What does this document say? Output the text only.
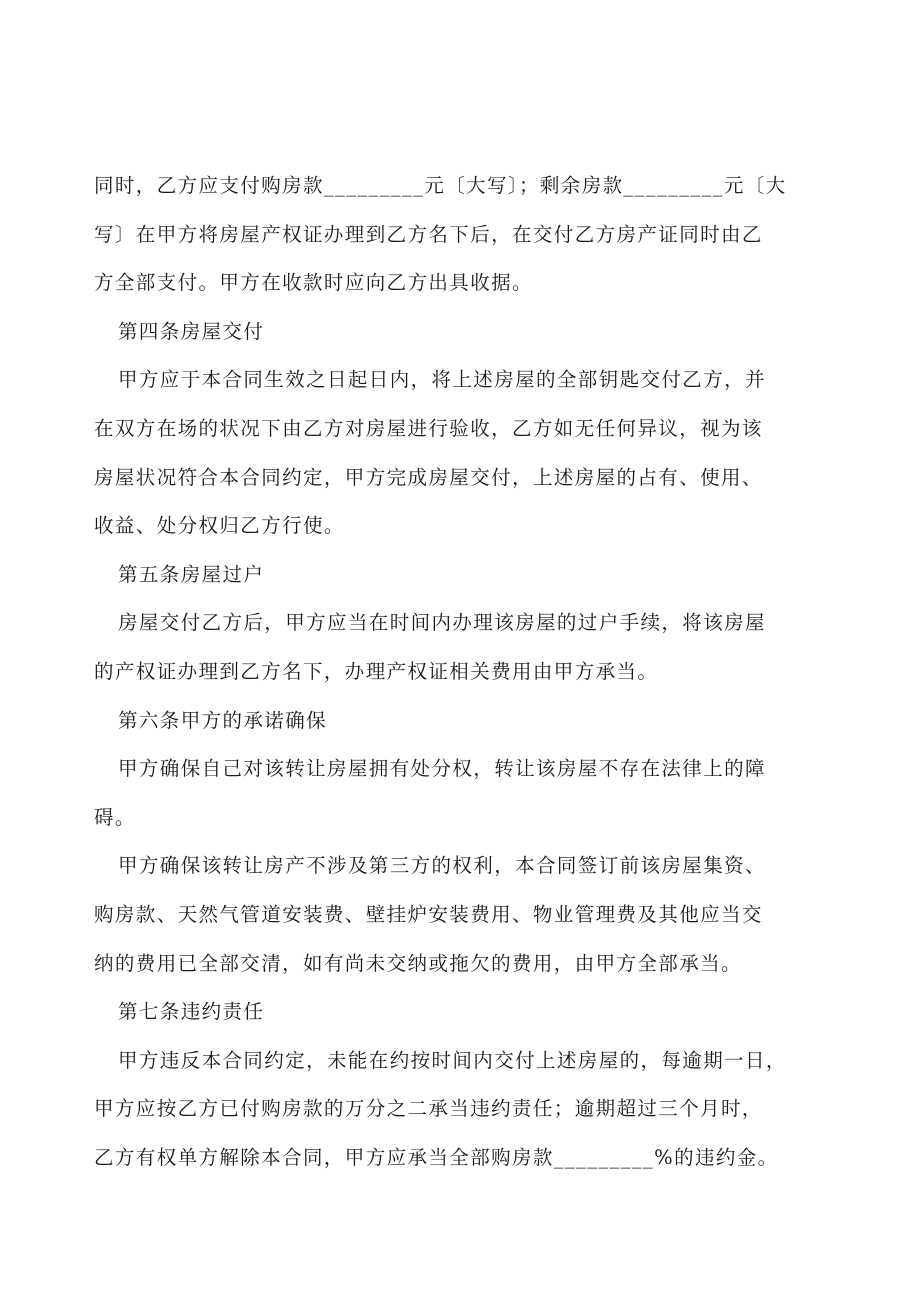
同时，乙方应支付购房款_________元〔大写〕；剩余房款_________元〔大
写〕在甲方将房屋产权证办理到乙方名下后，在交付乙方房产证同时由乙
方全部支付。甲方在收款时应向乙方出具收据。
第四条房屋交付
甲方应于本合同生效之日起日内，将上述房屋的全部钥匙交付乙方，并
在双方在场的状况下由乙方对房屋进行验收，乙方如无任何异议，视为该
房屋状况符合本合同约定，甲方完成房屋交付，上述房屋的占有、使用、
收益、处分权归乙方行使。
第五条房屋过户
房屋交付乙方后，甲方应当在时间内办理该房屋的过户手续，将该房屋
的产权证办理到乙方名下，办理产权证相关费用由甲方承当。
第六条甲方的承诺确保
甲方确保自己对该转让房屋拥有处分权，转让该房屋不存在法律上的障
碍。
甲方确保该转让房产不涉及第三方的权利，本合同签订前该房屋集资、
购房款、天然气管道安装费、壁挂炉安装费用、物业管理费及其他应当交
纳的费用已全部交清，如有尚未交纳或拖欠的费用，由甲方全部承当。
第七条违约责任
甲方违反本合同约定，未能在约按时间内交付上述房屋的，每逾期一日，
甲方应按乙方已付购房款的万分之二承当违约责任；逾期超过三个月时，
乙方有权单方解除本合同，甲方应承当全部购房款_________%的违约金。
